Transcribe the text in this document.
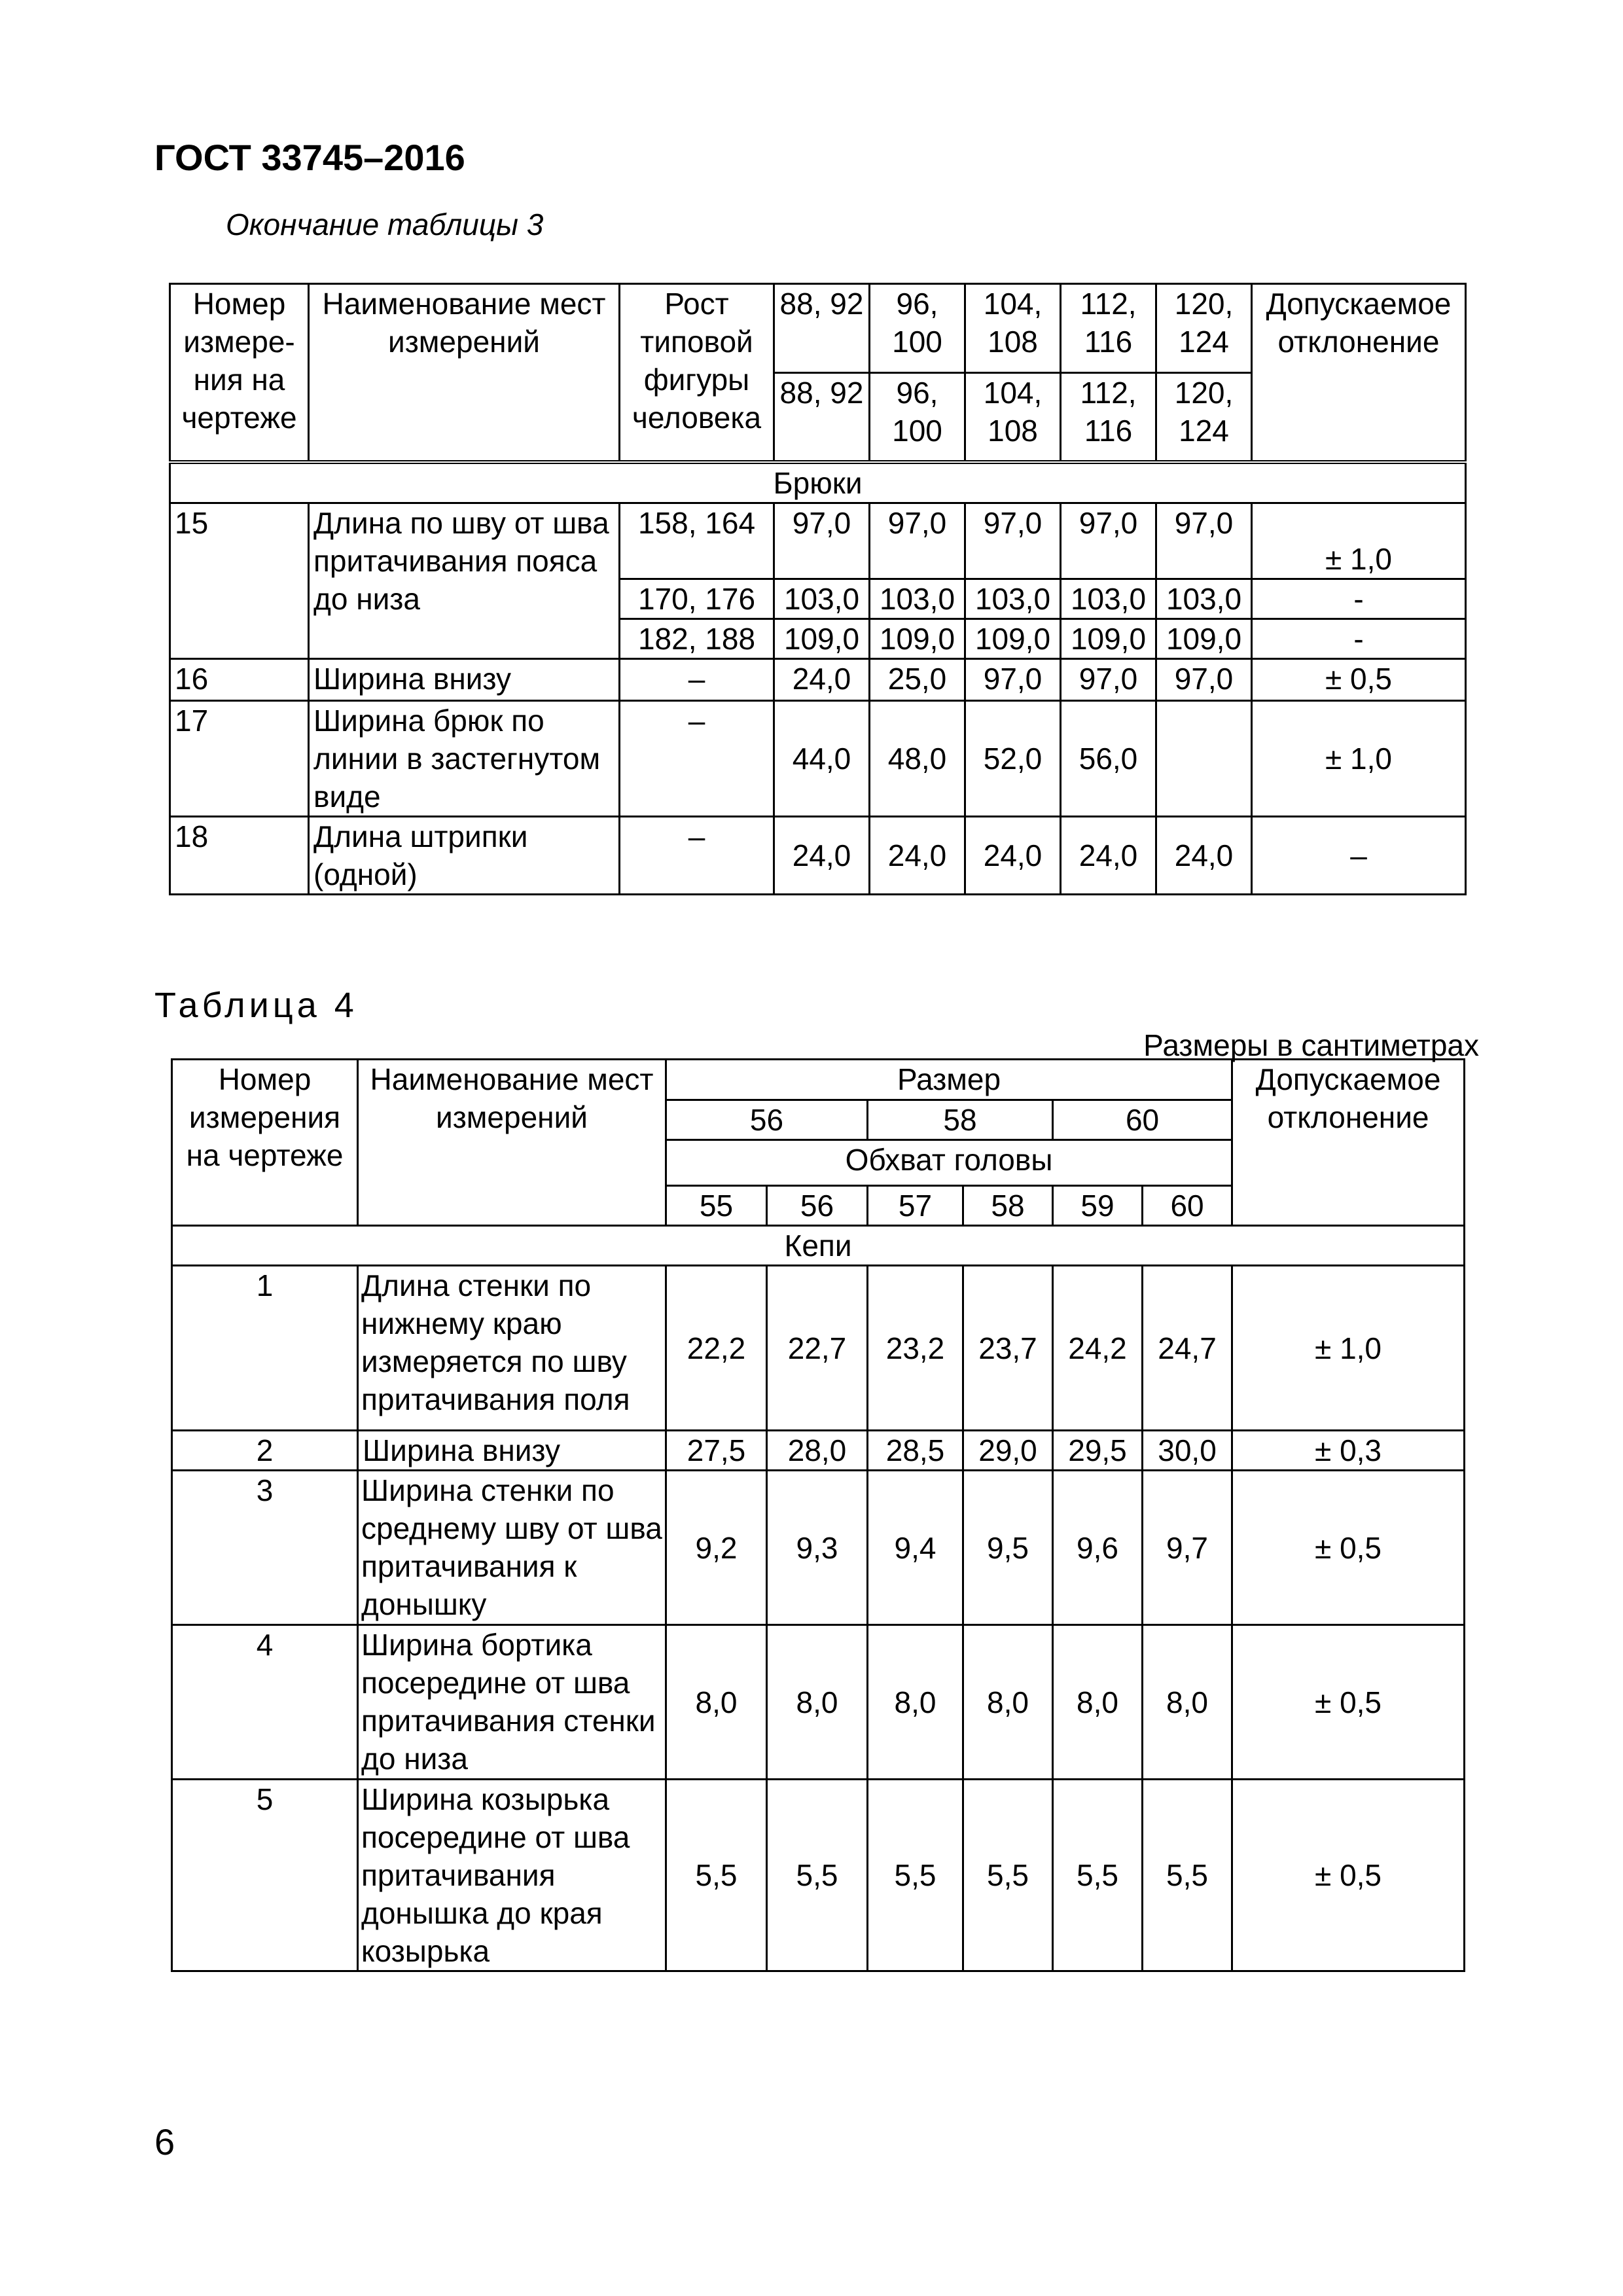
ГОСТ 33745–2016
Окончание таблицы 3
Номер измере-ния на чертеже	Наименование мест измерений	Рост типовой фигуры человека	88, 92	96, 100	104, 108	112, 116	120, 124	Допускаемое отклонение
			88, 92	96, 100	104, 108	112, 116	120, 124	
Брюки								
15	Длина по шву от шва притачивания пояса до низа	158, 164	97,0	97,0	97,0	97,0	97,0	± 1,0
		170, 176	103,0	103,0	103,0	103,0	103,0	-
		182, 188	109,0	109,0	109,0	109,0	109,0	-
16	Ширина внизу	–	24,0	25,0	97,0	97,0	97,0	± 0,5
17	Ширина брюк по линии в застегнутом виде	–	44,0	48,0	52,0	56,0		± 1,0
18	Длина штрипки (одной)	–	24,0	24,0	24,0	24,0	24,0	–
Таблица 4
Размеры в сантиметрах
Номер измерения на чертеже	Наименование мест измерений	Размер						Допускаемое отклонение
		56		58		60		
		Обхват головы						
		55	56	57	58	59	60	
Кепи								
1	Длина стенки по нижнему краю измеряется по шву притачивания поля	22,2	22,7	23,2	23,7	24,2	24,7	± 1,0
2	Ширина внизу	27,5	28,0	28,5	29,0	29,5	30,0	± 0,3
3	Ширина стенки по среднему шву от шва притачивания к донышку	9,2	9,3	9,4	9,5	9,6	9,7	± 0,5
4	Ширина бортика посередине от шва притачивания стенки до низа	8,0	8,0	8,0	8,0	8,0	8,0	± 0,5
5	Ширина козырька посередине от шва притачивания донышка до края козырька	5,5	5,5	5,5	5,5	5,5	5,5	± 0,5
6
